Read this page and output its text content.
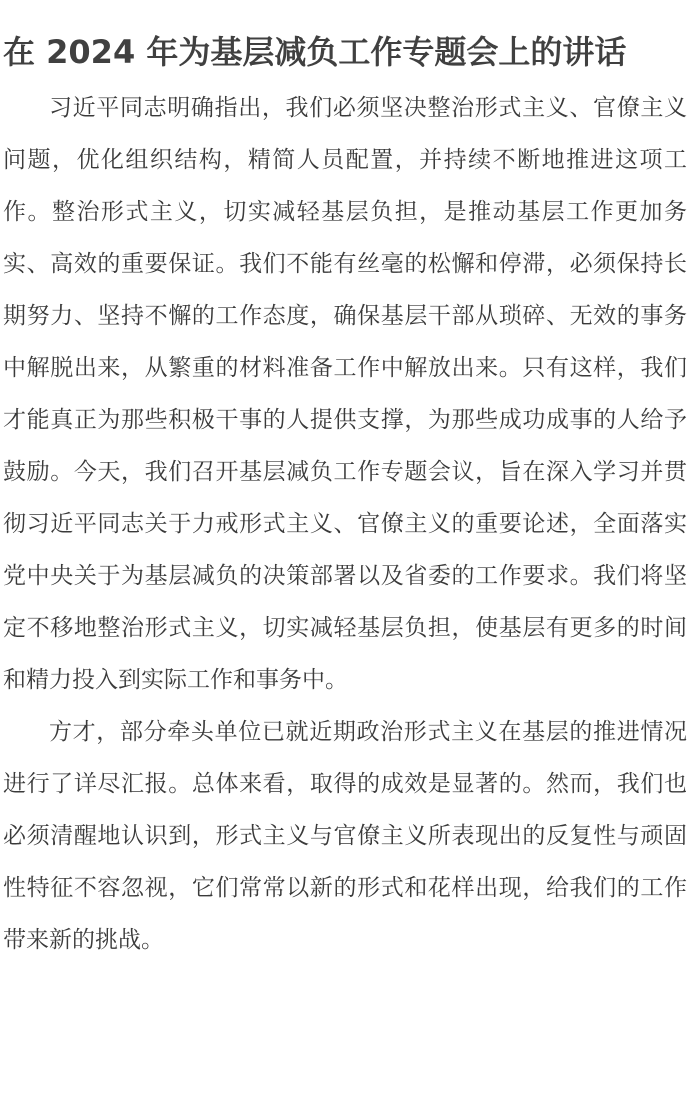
在 2024 年为基层减负工作专题会上的讲话

习近平同志明确指出，我们必须坚决整治形式主义、官僚主义问题，优化组织结构，精简人员配置，并持续不断地推进这项工作。整治形式主义，切实减轻基层负担，是推动基层工作更加务实、高效的重要保证。我们不能有丝毫的松懈和停滞，必须保持长期努力、坚持不懈的工作态度，确保基层干部从琐碎、无效的事务中解脱出来，从繁重的材料准备工作中解放出来。只有这样，我们才能真正为那些积极干事的人提供支撑，为那些成功成事的人给予鼓励。今天，我们召开基层减负工作专题会议，旨在深入学习并贯彻习近平同志关于力戒形式主义、官僚主义的重要论述，全面落实党中央关于为基层减负的决策部署以及省委的工作要求。我们将坚定不移地整治形式主义，切实减轻基层负担，使基层有更多的时间和精力投入到实际工作和事务中。

方才，部分牵头单位已就近期政治形式主义在基层的推进情况进行了详尽汇报。总体来看，取得的成效是显著的。然而，我们也必须清醒地认识到，形式主义与官僚主义所表现出的反复性与顽固性特征不容忽视，它们常常以新的形式和花样出现，给我们的工作带来新的挑战。
